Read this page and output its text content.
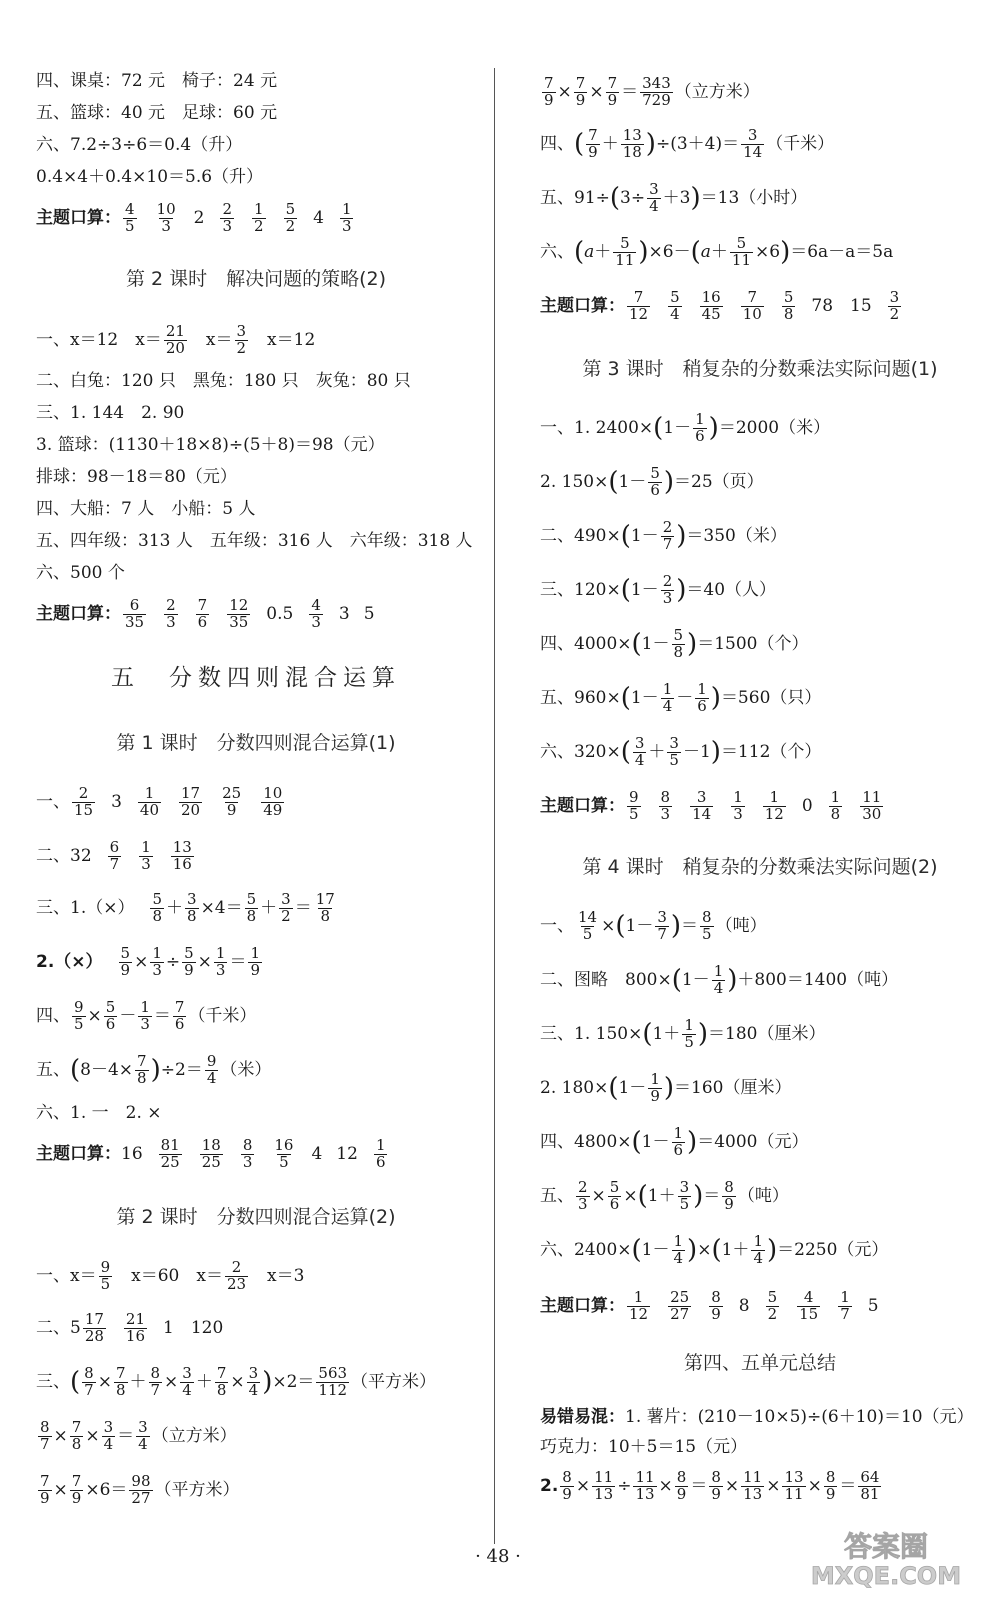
四、课桌：72 元　椅子：24 元
五、篮球：40 元　足球：60 元
六、7.2÷3÷6＝0.4（升）
0.4×4＋0.4×10＝5.6（升）
主题口算： $\frac{4}{5} \frac{10}{3} 2 \frac{2}{3} \frac{1}{2} \frac{5}{2} 4 \frac{1}{3}$
第 2 课时　解决问题的策略(2)
一、x＝12　$x= \frac{21}{20}$ 　$x= \frac{3}{2}$ 　x＝12
二、白兔：120 只　黑兔：180 只　灰兔：80 只
三、1. 144　2. 90
3. 篮球：(1130＋18×8)÷(5＋8)＝98（元）
排球：98－18＝80（元）
四、大船：7 人　小船：5 人
五、四年级：313 人　五年级：316 人　六年级：318 人
六、500 个
主题口算： $\frac{6}{35} \frac{2}{3} \frac{7}{6} \frac{12}{35} 0.5 \frac{4}{3} 3$ 5
五　分数四则混合运算
第 1 课时　分数四则混合运算(1)
一、 $\frac{2}{15} 3 \frac{1}{40} \frac{17}{20} \frac{25}{9} \frac{10}{49}$
二、$32 \frac{6}{7} \frac{1}{3} \frac{13}{16}$
三、$1.(\times) \frac{5}{8} + \frac{3}{8} \times 4= \frac{5}{8} + \frac{3}{2} = \frac{17}{8}$
$2.(\times) \frac{5}{9} \times \frac{1}{3} \div \frac{5}{9} \times \frac{1}{3} = \frac{1}{9}$
四、 $\frac{9}{5} \times \frac{5}{6} - \frac{1}{3} = \frac{7}{6}$ （千米）
五、 ( $8-4\times \frac{7}{8}$ ) $\div 2= \frac{9}{4}$ （米）
六、1. 一　2. ×
主题口算： $16 \frac{81}{25} \frac{18}{25} \frac{8}{3} \frac{16}{5} 4$ $12 \frac{1}{6}$
第 2 课时　分数四则混合运算(2)
一、$x= \frac{9}{5}$ 　x＝60　$x= \frac{2}{23}$ 　x＝3
二、$5 \frac{17}{28} \frac{21}{16} 1$　120
三、 ( $\frac{8}{7} \times \frac{7}{8} + \frac{8}{7} \times \frac{3}{4} + \frac{7}{8} \times \frac{3}{4}$ ) $\times 2= \frac{563}{112}$ （平方米）
$\frac{8}{7} \times \frac{7}{8} \times \frac{3}{4} = \frac{3}{4}$ （立方米）
$\frac{7}{9} \times \frac{7}{9} \times 6= \frac{98}{27}$ （平方米）
$\frac{7}{9} \times \frac{7}{9} \times \frac{7}{9} = \frac{343}{729}$ （立方米）
四、 ( $\frac{7}{9} + \frac{13}{18}$ ) $\div(3+4)= \frac{3}{14}$ （千米）
五、91÷ ( $3\div \frac{3}{4} +3$ ) ＝13（小时）
六、 ( $a + \frac{5}{11}$ ) ×6－ ( $a + \frac{5}{11} \times 6$ ) ＝6a－a＝5a
主题口算： $\frac{7}{12} \frac{5}{4} \frac{16}{45} \frac{7}{10} \frac{5}{8} 78$　$15 \frac{3}{2}$
第 3 课时　稍复杂的分数乘法实际问题(1)
一、1. 2400× ( $1- \frac{1}{6}$ ) ＝2000（米）
2. 150× ( $1- \frac{5}{6}$ ) ＝25（页）
二、490× ( $1- \frac{2}{7}$ ) ＝350（米）
三、120× ( $1- \frac{2}{3}$ ) ＝40（人）
四、4000× ( $1- \frac{5}{8}$ ) ＝1500（个）
五、960× ( $1- \frac{1}{4} - \frac{1}{6}$ ) ＝560（只）
六、320× ( $\frac{3}{4} + \frac{3}{5} -1$ ) ＝112（个）
主题口算： $\frac{9}{5} \frac{8}{3} \frac{3}{14} \frac{1}{3} \frac{1}{12} 0 \frac{1}{8} \frac{11}{30}$
第 4 课时　稍复杂的分数乘法实际问题(2)
一、 $\frac{14}{5}$ × ( $1- \frac{3}{7}$ ) ＝ $\frac{8}{5}$ （吨）
二、图略　800× ( $1- \frac{1}{4}$ ) ＋800＝1400（吨）
三、1. 150× ( $1+ \frac{1}{5}$ ) ＝180（厘米）
2. 180× ( $1- \frac{1}{9}$ ) ＝160（厘米）
四、4800× ( $1- \frac{1}{6}$ ) ＝4000（元）
五、 $\frac{2}{3} \times \frac{5}{6}$ × ( $1+ \frac{3}{5}$ ) ＝ $\frac{8}{9}$ （吨）
六、2400× ( $1- \frac{1}{4}$ ) × ( $1+ \frac{1}{4}$ ) ＝2250（元）
主题口算： $\frac{1}{12} \frac{25}{27} \frac{8}{9} 8 \frac{5}{2} \frac{4}{15} \frac{1}{7} 5$
第四、五单元总结
易错易混： 1. 薯片：(210－10×5)÷(6＋10)＝10（元）
巧克力：10＋5＝15（元）
2. $\frac{8}{9} \times \frac{11}{13} \div \frac{11}{13} \times \frac{8}{9} = \frac{8}{9} \times \frac{11}{13} \times \frac{13}{11} \times \frac{8}{9} = \frac{64}{81}$
· 48 ·	答案圈
MXQE.COM
